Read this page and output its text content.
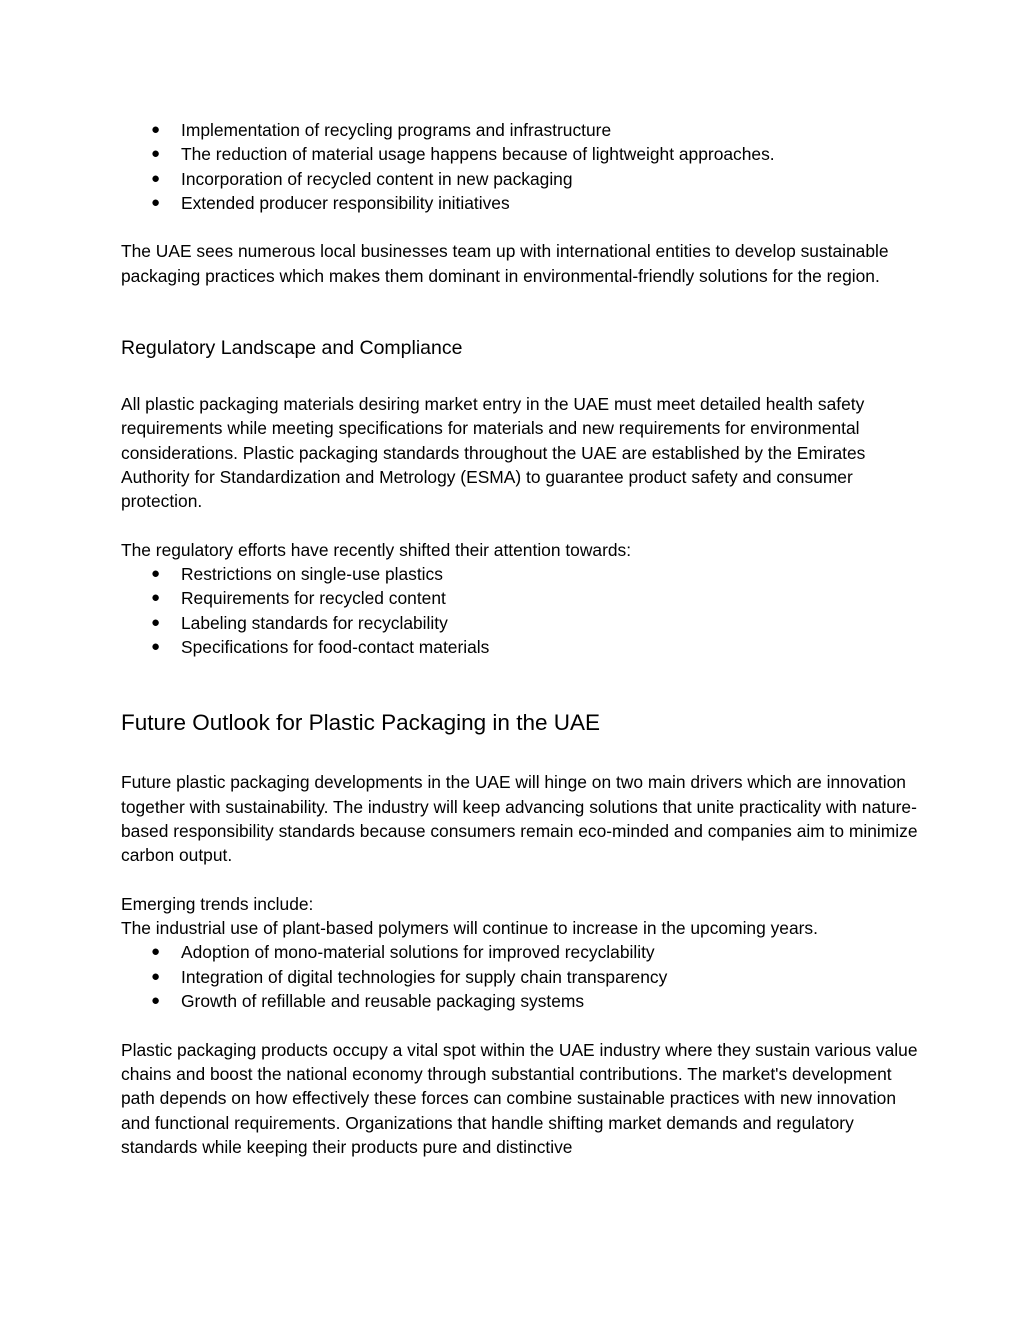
● Implementation of recycling programs and infrastructure
● The reduction of material usage happens because of lightweight approaches.
● Incorporation of recycled content in new packaging
● Extended producer responsibility initiatives

The UAE sees numerous local businesses team up with international entities to develop sustainable packaging practices which makes them dominant in environmental-friendly solutions for the region.

Regulatory Landscape and Compliance

All plastic packaging materials desiring market entry in the UAE must meet detailed health safety requirements while meeting specifications for materials and new requirements for environmental considerations. Plastic packaging standards throughout the UAE are established by the Emirates Authority for Standardization and Metrology (ESMA) to guarantee product safety and consumer protection.

The regulatory efforts have recently shifted their attention towards:

● Restrictions on single-use plastics
● Requirements for recycled content
● Labeling standards for recyclability
● Specifications for food-contact materials
Future Outlook for Plastic Packaging in the UAE

Future plastic packaging developments in the UAE will hinge on two main drivers which are innovation together with sustainability. The industry will keep advancing solutions that unite practicality with nature-based responsibility standards because consumers remain eco-minded and companies aim to minimize carbon output.

Emerging trends include:

The industrial use of plant-based polymers will continue to increase in the upcoming years.

● Adoption of mono-material solutions for improved recyclability
● Integration of digital technologies for supply chain transparency
● Growth of refillable and reusable packaging systems

Plastic packaging products occupy a vital spot within the UAE industry where they sustain various value chains and boost the national economy through substantial contributions. The market's development path depends on how effectively these forces can combine sustainable practices with new innovation and functional requirements. Organizations that handle shifting market demands and regulatory standards while keeping their products pure and distinctive
